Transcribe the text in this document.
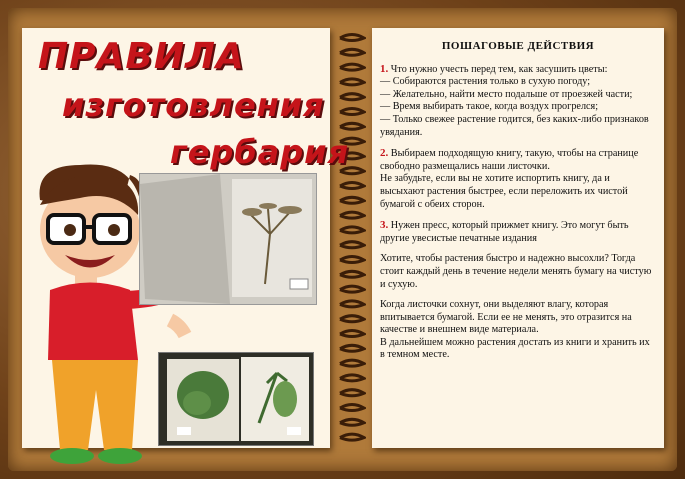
ПРАВИЛА
изготовления
гербария
ПОШАГОВЫЕ ДЕЙСТВИЯ
1. Что нужно учесть перед тем, как засушить цветы:
— Собираются растения только в сухую погоду;
— Желательно, найти место подальше от проезжей части;
— Время выбирать такое, когда воздух прогрелся;
— Только свежее растение годится, без каких-либо признаков увядания.
2. Выбираем подходящую книгу, такую, чтобы на странице свободно размещались наши листочки.
Не забудьте, если вы не хотите испортить книгу, да и высыхают растения быстрее, если переложить их чистой бумагой с обеих сторон.
3. Нужен пресс, который прижмет книгу. Это могут быть другие увесистые печатные издания
Хотите, чтобы растения быстро и надежно высохли? Тогда стоит каждый день в течение недели менять бумагу на чистую и сухую.
Когда листочки сохнут, они выделяют влагу, которая впитывается бумагой. Если ее не менять, это отразится на качестве и внешнем виде материала.
В дальнейшем можно растения достать из книги и хранить их в темном месте.
